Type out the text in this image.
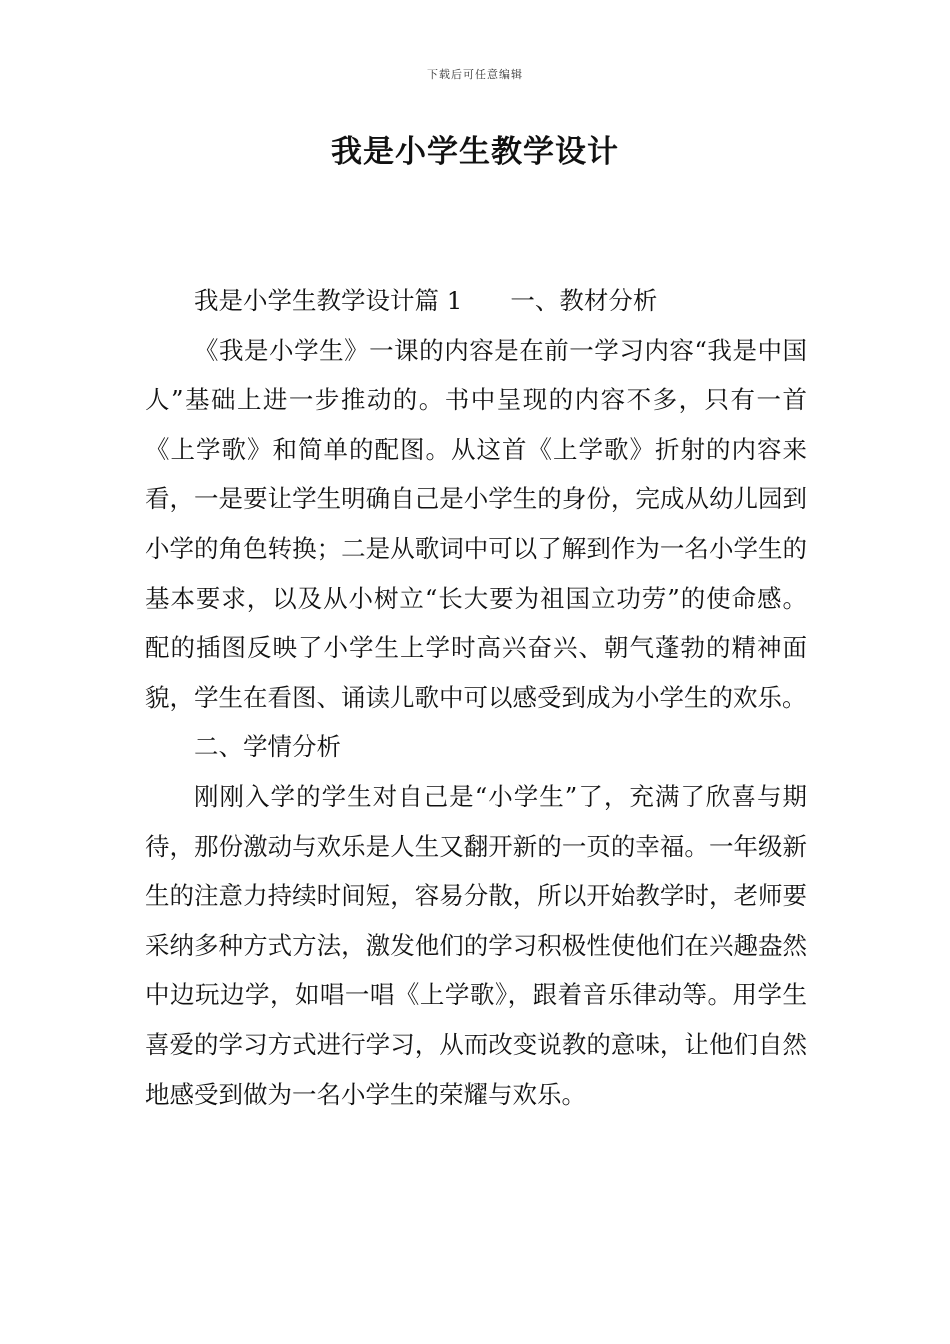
下载后可任意编辑
我是小学生教学设计

我是小学生教学设计篇 1 一、教材分析

《我是小学生》一课的内容是在前一学习内容“我是中国人”基础上进一步推动的。书中呈现的内容不多，只有一首《上学歌》和简单的配图。从这首《上学歌》折射的内容来看，一是要让学生明确自己是小学生的身份，完成从幼儿园到小学的角色转换；二是从歌词中可以了解到作为一名小学生的基本要求，以及从小树立“长大要为祖国立功劳”的使命感。配的插图反映了小学生上学时高兴奋兴、朝气蓬勃的精神面貌，学生在看图、诵读儿歌中可以感受到成为小学生的欢乐。

二、学情分析

刚刚入学的学生对自己是“小学生”了，充满了欣喜与期待，那份激动与欢乐是人生又翻开新的一页的幸福。一年级新生的注意力持续时间短，容易分散，所以开始教学时，老师要采纳多种方式方法，激发他们的学习积极性使他们在兴趣盎然中边玩边学，如唱一唱《上学歌》，跟着音乐律动等。用学生喜爱的学习方式进行学习，从而改变说教的意味，让他们自然地感受到做为一名小学生的荣耀与欢乐。
